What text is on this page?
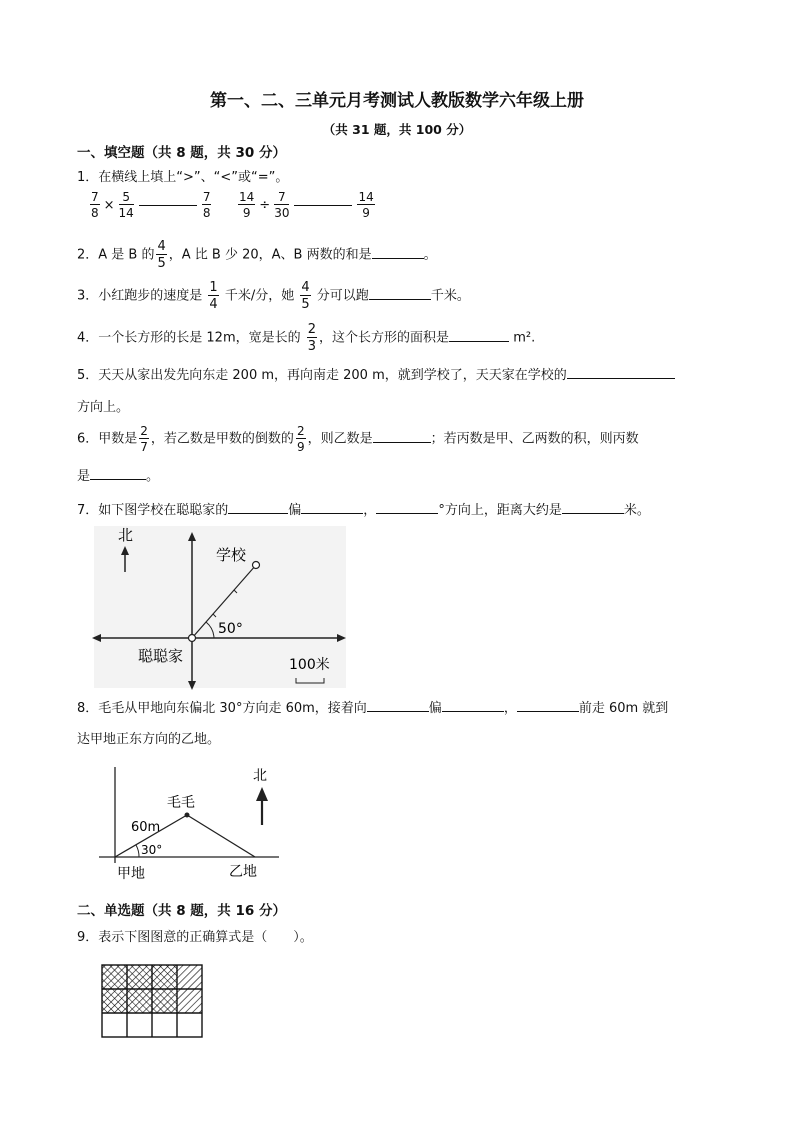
第一、二、三单元月考测试人教版数学六年级上册
（共 31 题，共 100 分）
一、填空题（共 8 题，共 30 分）
1．在横线上填上“>”、“<”或“=”。
$\frac{7}{8} \times \frac{5}{14}$	$\frac{7}{8} \frac{14}{9} \div \frac{7}{30}$	$\frac{14}{9}$
2．A 是 B 的 $\frac{4}{5}$ ，A 比 B 少 20，A、B 两数的和是	。
3．小红跑步的速度是 $\frac{1}{4}$ 千米/分，她 $\frac{4}{5}$ 分可以跑	千米。
4．一个长方形的长是 12m，宽是长的 $\frac{2}{3}$ ，这个长方形的面积是	m².
5．天天从家出发先向东走 200 m，再向南走 200 m，就到学校了，天天家在学校的
方向上。
6．甲数是 $\frac{2}{7}$ ，若乙数是甲数的倒数的 $\frac{2}{9}$ ，则乙数是	；若丙数是甲、乙两数的积，则丙数
是	。
7．如下图学校在聪聪家的	偏	，	°方向上，距离大约是	米。
北
学校
50°
聪聪家	100米
8．毛毛从甲地向东偏北 30°方向走 60m，接着向	偏	，	前走 60m 就到
达甲地正东方向的乙地。
毛毛
60m
30°
甲地	乙地
北
二、单选题（共 8 题，共 16 分）
9．表示下图图意的正确算式是（　　）。
